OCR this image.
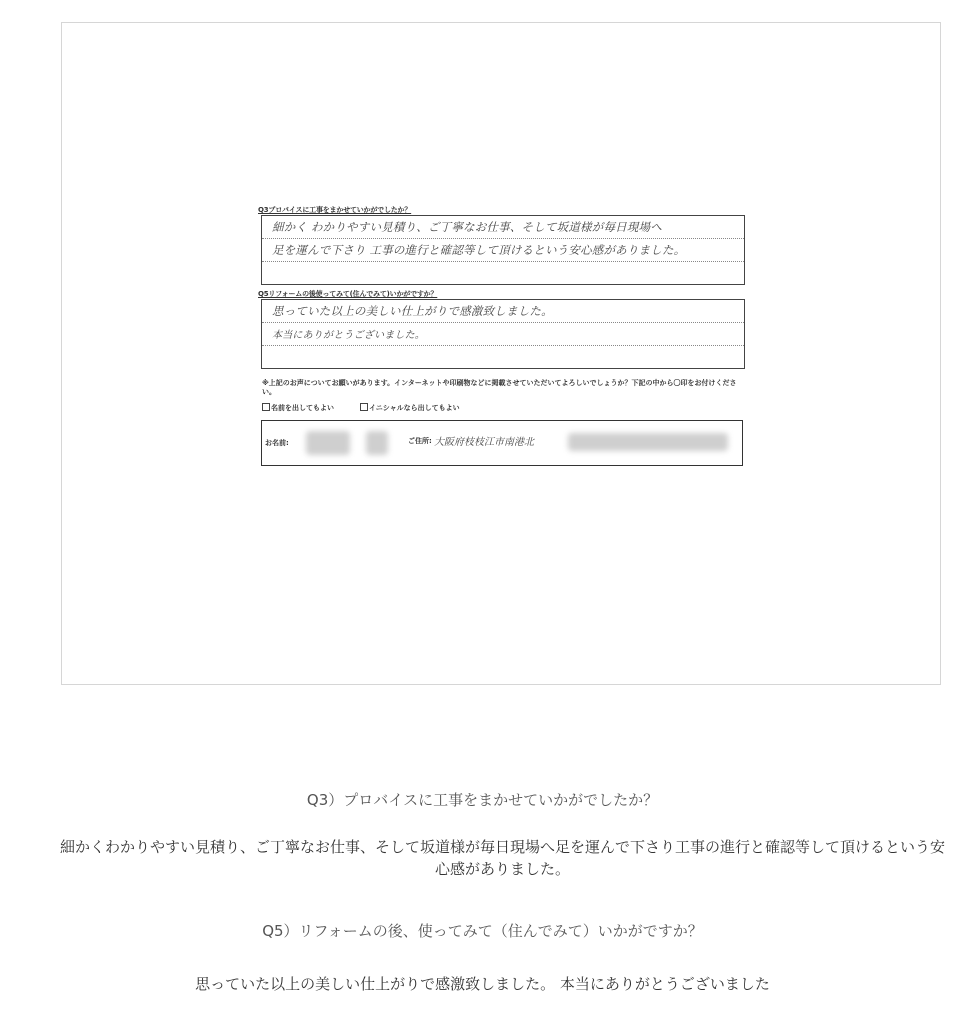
Q3プロバイスに工事をまかせていかがでしたか？
細かく わかりやすい見積り、ご丁寧なお仕事、そして坂道様が毎日現場へ
足を運んで下さり 工事の進行と確認等して頂けるという安心感がありました。
Q5リフォームの後使ってみて(住んでみて)いかがですか？
思っていた以上の美しい仕上がりで感激致しました。
本当にありがとうございました。
※上記のお声についてお願いがあります。インターネットや印刷物などに掲載させていただいてよろしいでしょうか？下記の中から〇印をお付けください。
名前を出してもよい	イニシャルなら出してもよい
お名前:	ご住所: 大阪府枝枝江市南港北
Q3）プロバイスに工事をまかせていかがでしたか？
細かくわかりやすい見積り、ご丁寧なお仕事、そして坂道様が毎日現場へ足を運んで下さり工事の進行と確認等して頂けるという安心感がありました。
Q5）リフォームの後、使ってみて（住んでみて）いかがですか？
思っていた以上の美しい仕上がりで感激致しました。 本当にありがとうございました
